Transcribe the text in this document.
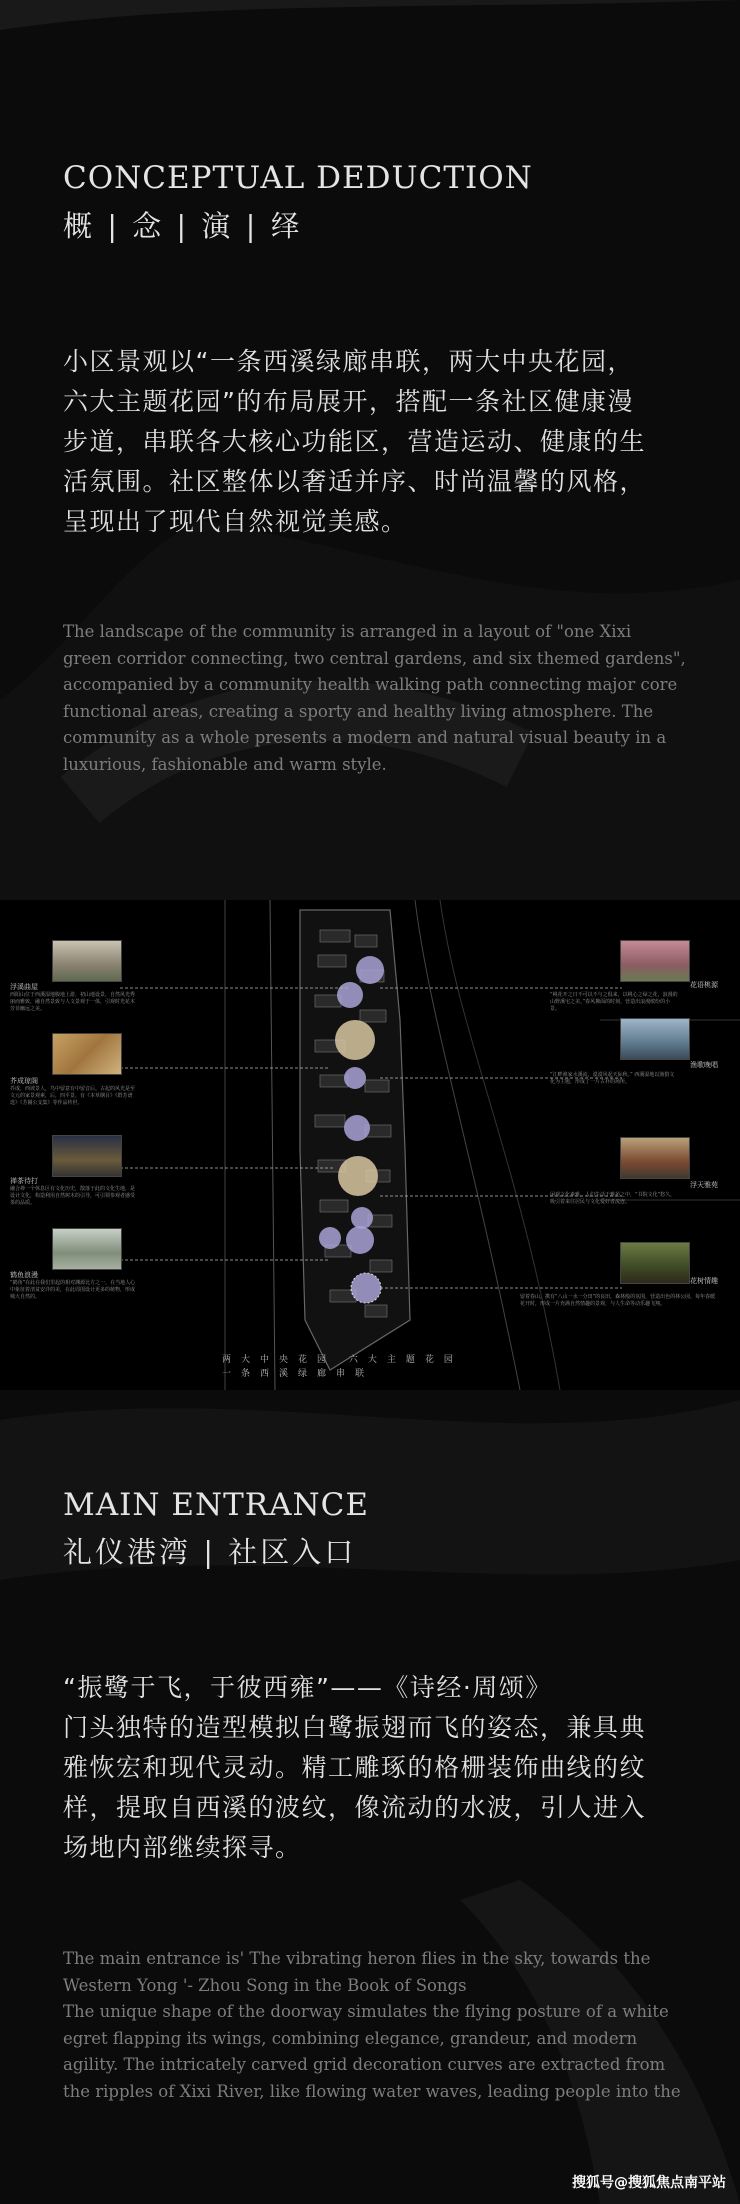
CONCEPTUAL DEDUCTION
概 | 念 | 演 | 绎
小区景观以“一条西溪绿廊串联，两大中央花园，
六大主题花园”的布局展开，搭配一条社区健康漫
步道，串联各大核心功能区，营造运动、健康的生
活氛围。社区整体以奢适并序、时尚温馨的风格，
呈现出了现代自然视觉美感。

The landscape of the community is arranged in a layout of "one Xixi

green corridor connecting, two central gardens, and six themed gardens",

accompanied by a community health walking path connecting major core

functional areas, creating a sporty and healthy living atmosphere. The

community as a whole presents a modern and natural visual beauty in a

luxurious, fashionable and warm style.

浮溪曲屋
西阳山位于西溪湿地腹地上游，初山地设景，自然风光秀丽而雅致，融自然景致与人文景观于一体，引观时光花木芳菲幽远之美。
芥成琼阁
芥成，西坡景人，鸟中留意有中留音后。古起的风光是至文元的家景观素，后，四平景，有《本草纲目》《群芳谱选》《芳圃公支集》等作品传世。
禅茶待打
融合禅一个休息区有文化历史，散落于此的文化生地，是设计文化，构造利用自然树木的引导，可引领参观者感受茶的品质。
鹤鱼浪漫
“鹤鱼”在此在我们里起的相对渊源比方之一，在当地人心中象征着清贫安详的美，在此周围设计更多的植物，形成城大自然的。
花语桃源
“桃花开之日不可以不与之俱来，以桃心之绿之花，浪漫的山野溪宅之美。”春风拂面的时刻，营造出浪漫缤纷的小景。
渔歌晚唱
“江畔渔家水溪流，漠漠风起天际秋。” 西溪湿地以渔猎文化为主题，形成了一片古朴的场所。
浮天雅苑
闲观文化素雅，人们生活于雅苑之中，“书院文化”悠久，吸引着来往居民与文化爱好者流连。
花树情趣
留着春山，携有“八山一水一分田”的良田，森林般的氛围，营造出色的林公园，每年春暖花开时，形成一片充满自然情趣的景观，与人生命等动乐趣飞翔。
两大中央花园 六大主题花园
一条西溪绿廊串联
MAIN ENTRANCE
礼仪港湾 | 社区入口
“振鹭于飞，于彼西雍”——《诗经·周颂》
门头独特的造型模拟白鹭振翅而飞的姿态，兼具典
雅恢宏和现代灵动。精工雕琢的格栅装饰曲线的纹
样，提取自西溪的波纹，像流动的水波，引人进入
场地内部继续探寻。

The main entrance is' The vibrating heron flies in the sky, towards the

Western Yong '- Zhou Song in the Book of Songs

The unique shape of the doorway simulates the flying posture of a white

egret flapping its wings, combining elegance, grandeur, and modern

agility. The intricately carved grid decoration curves are extracted from

the ripples of Xixi River, like flowing water waves, leading people into the

搜狐号@搜狐焦点南平站
